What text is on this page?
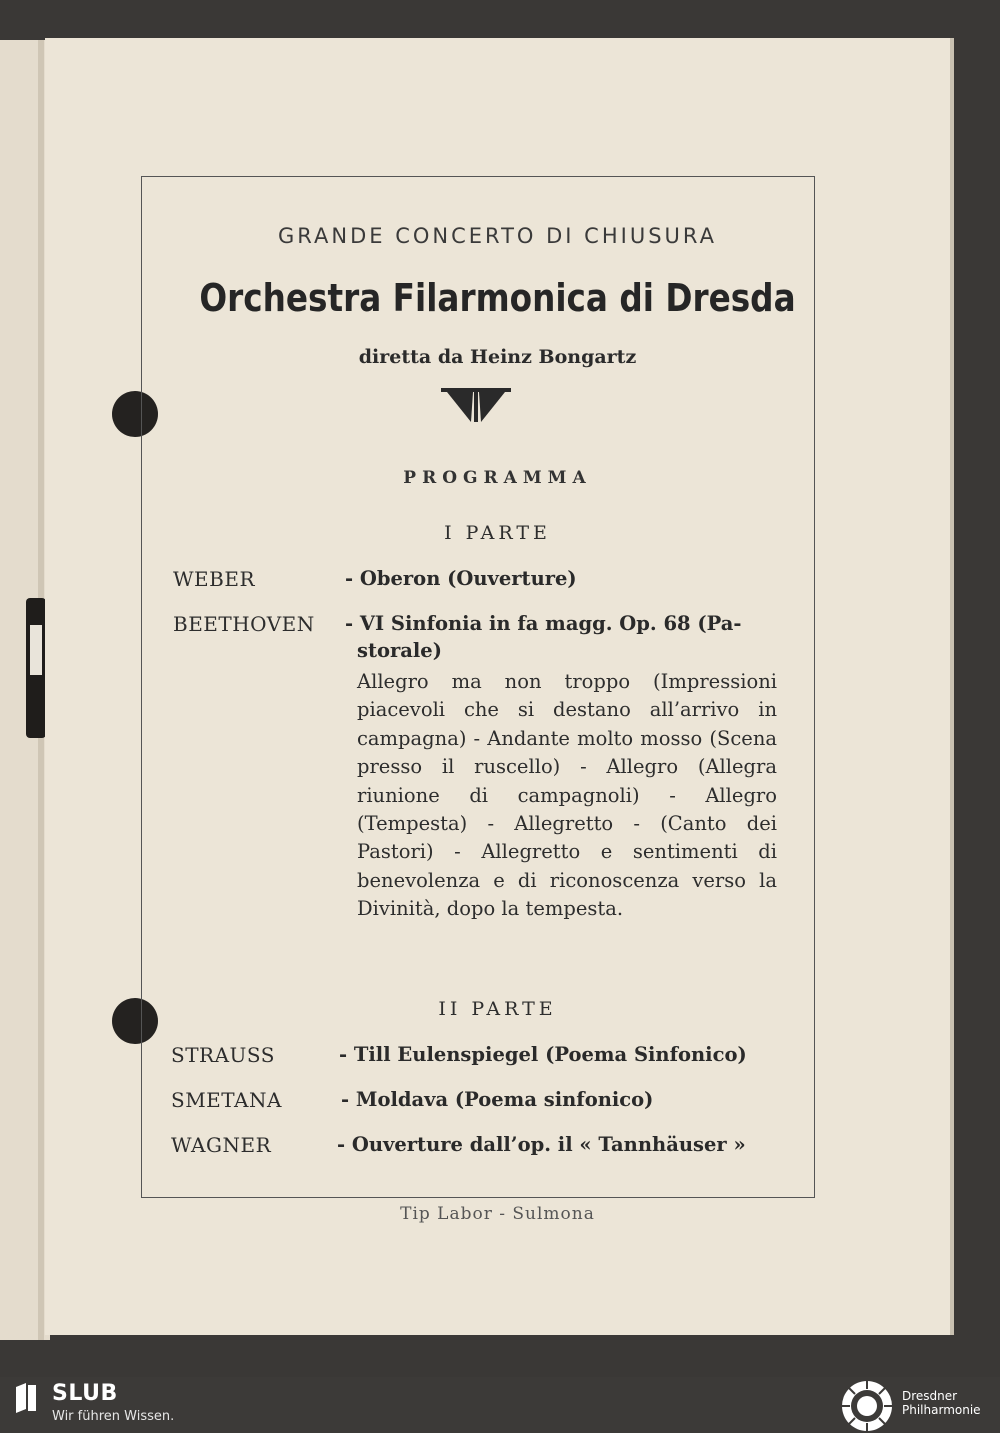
GRANDE CONCERTO DI CHIUSURA
Orchestra Filarmonica di Dresda
diretta da Heinz Bongartz
PROGRAMMA
I PARTE
WEBER	- Oberon (Ouverture)
BEETHOVEN - VI Sinfonia in fa magg. Op. 68 (Pa-
storale)
Allegro ma non troppo (Impressioni piacevoli che si destano all’arrivo in campagna) - Andante molto mosso (Scena presso il ruscello) - Allegro (Allegra riunione di campagnoli) - Allegro (Tempesta) - Allegretto - (Canto dei Pastori) - Allegretto e sentimenti di benevolenza e di riconoscenza verso la Divinità, dopo la tempesta.
II PARTE
STRAUSS	- Till Eulenspiegel (Poema Sinfonico)
SMETANA	- Moldava (Poema sinfonico)
WAGNER	- Ouverture dall’op. il « Tannhäuser »
Tip Labor - Sulmona
SLUB
Wir führen Wissen.
Dresdner
Philharmonie
